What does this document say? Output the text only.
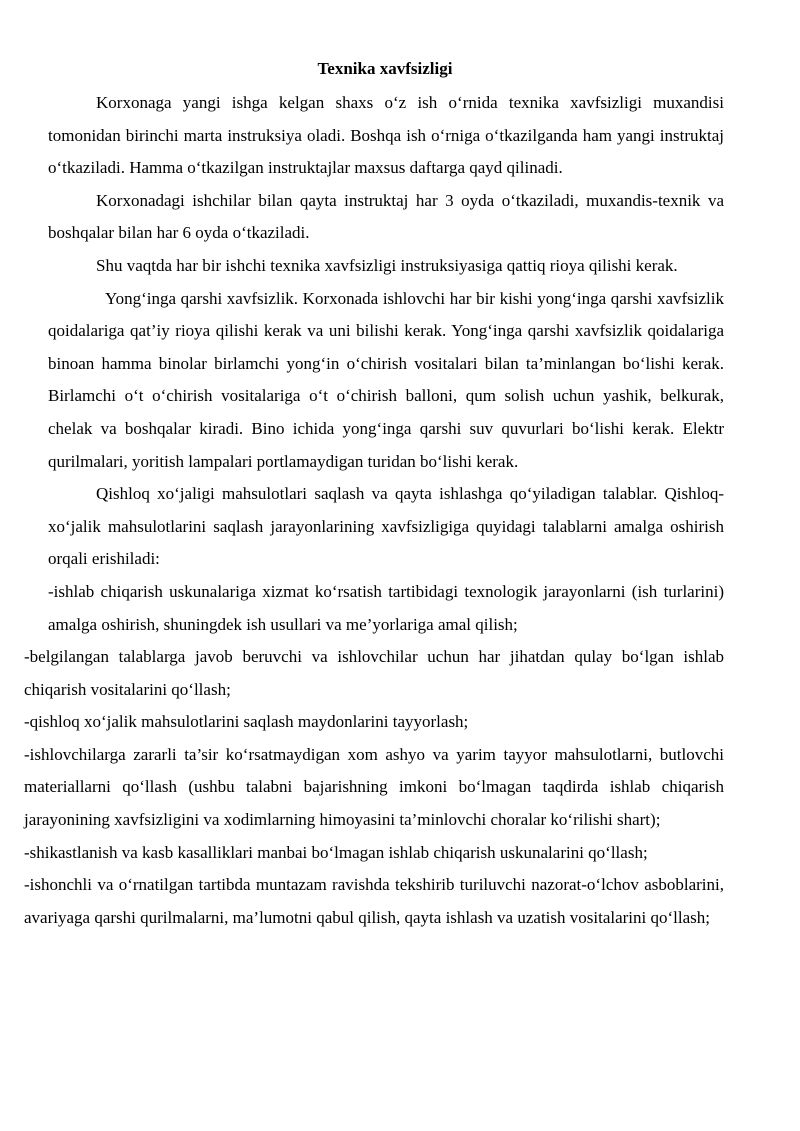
Texnika xavfsizligi

Korxonaga yangi ishga kelgan shaxs o‘z ish o‘rnida texnika xavfsizligi muxandisi tomonidan birinchi marta instruksiya oladi. Boshqa ish o‘rniga o‘tkazilganda ham yangi instruktaj o‘tkaziladi. Hamma o‘tkazilgan instruktajlar maxsus daftarga qayd qilinadi.

Korxonadagi ishchilar bilan qayta instruktaj har 3 oyda o‘tkaziladi, muxandis-texnik va boshqalar bilan har 6 oyda o‘tkaziladi.

Shu vaqtda har bir ishchi texnika xavfsizligi instruksiyasiga qattiq rioya qilishi kerak.

Yong‘inga qarshi xavfsizlik. Korxonada ishlovchi har bir kishi yong‘inga qarshi xavfsizlik qoidalariga qat’iy rioya qilishi kerak va uni bilishi kerak. Yong‘inga qarshi xavfsizlik qoidalariga binoan hamma binolar birlamchi yong‘in o‘chirish vositalari bilan ta’minlangan bo‘lishi kerak. Birlamchi o‘t o‘chirish vositalariga o‘t o‘chirish balloni, qum solish uchun yashik, belkurak, chelak va boshqalar kiradi. Bino ichida yong‘inga qarshi suv quvurlari bo‘lishi kerak. Elektr qurilmalari, yoritish lampalari portlamaydigan turidan bo‘lishi kerak.

Qishloq xo‘jaligi mahsulotlari saqlash va qayta ishlashga qo‘yiladigan talablar. Qishloq-xo‘jalik mahsulotlarini saqlash jarayonlarining xavfsizligiga quyidagi talablarni amalga oshirish orqali erishiladi:

-ishlab chiqarish uskunalariga xizmat ko‘rsatish tartibidagi texnologik jarayonlarni (ish turlarini) amalga oshirish, shuningdek ish usullari va me’yorlariga amal qilish;

-belgilangan talablarga javob beruvchi va ishlovchilar uchun har jihatdan qulay bo‘lgan ishlab chiqarish vositalarini qo‘llash;

-qishloq xo‘jalik mahsulotlarini saqlash maydonlarini tayyorlash;

-ishlovchilarga zararli ta’sir ko‘rsatmaydigan xom ashyo va yarim tayyor mahsulotlarni, butlovchi materiallarni qo‘llash (ushbu talabni bajarishning imkoni bo‘lmagan taqdirda ishlab chiqarish jarayonining xavfsizligini va xodimlarning himoyasini ta’minlovchi choralar ko‘rilishi shart);

-shikastlanish va kasb kasalliklari manbai bo‘lmagan ishlab chiqarish uskunalarini qo‘llash;

-ishonchli va o‘rnatilgan tartibda muntazam ravishda tekshirib turiluvchi nazorat-o‘lchov asboblarini, avariyaga qarshi qurilmalarni, ma’lumotni qabul qilish, qayta ishlash va uzatish vositalarini qo‘llash;
